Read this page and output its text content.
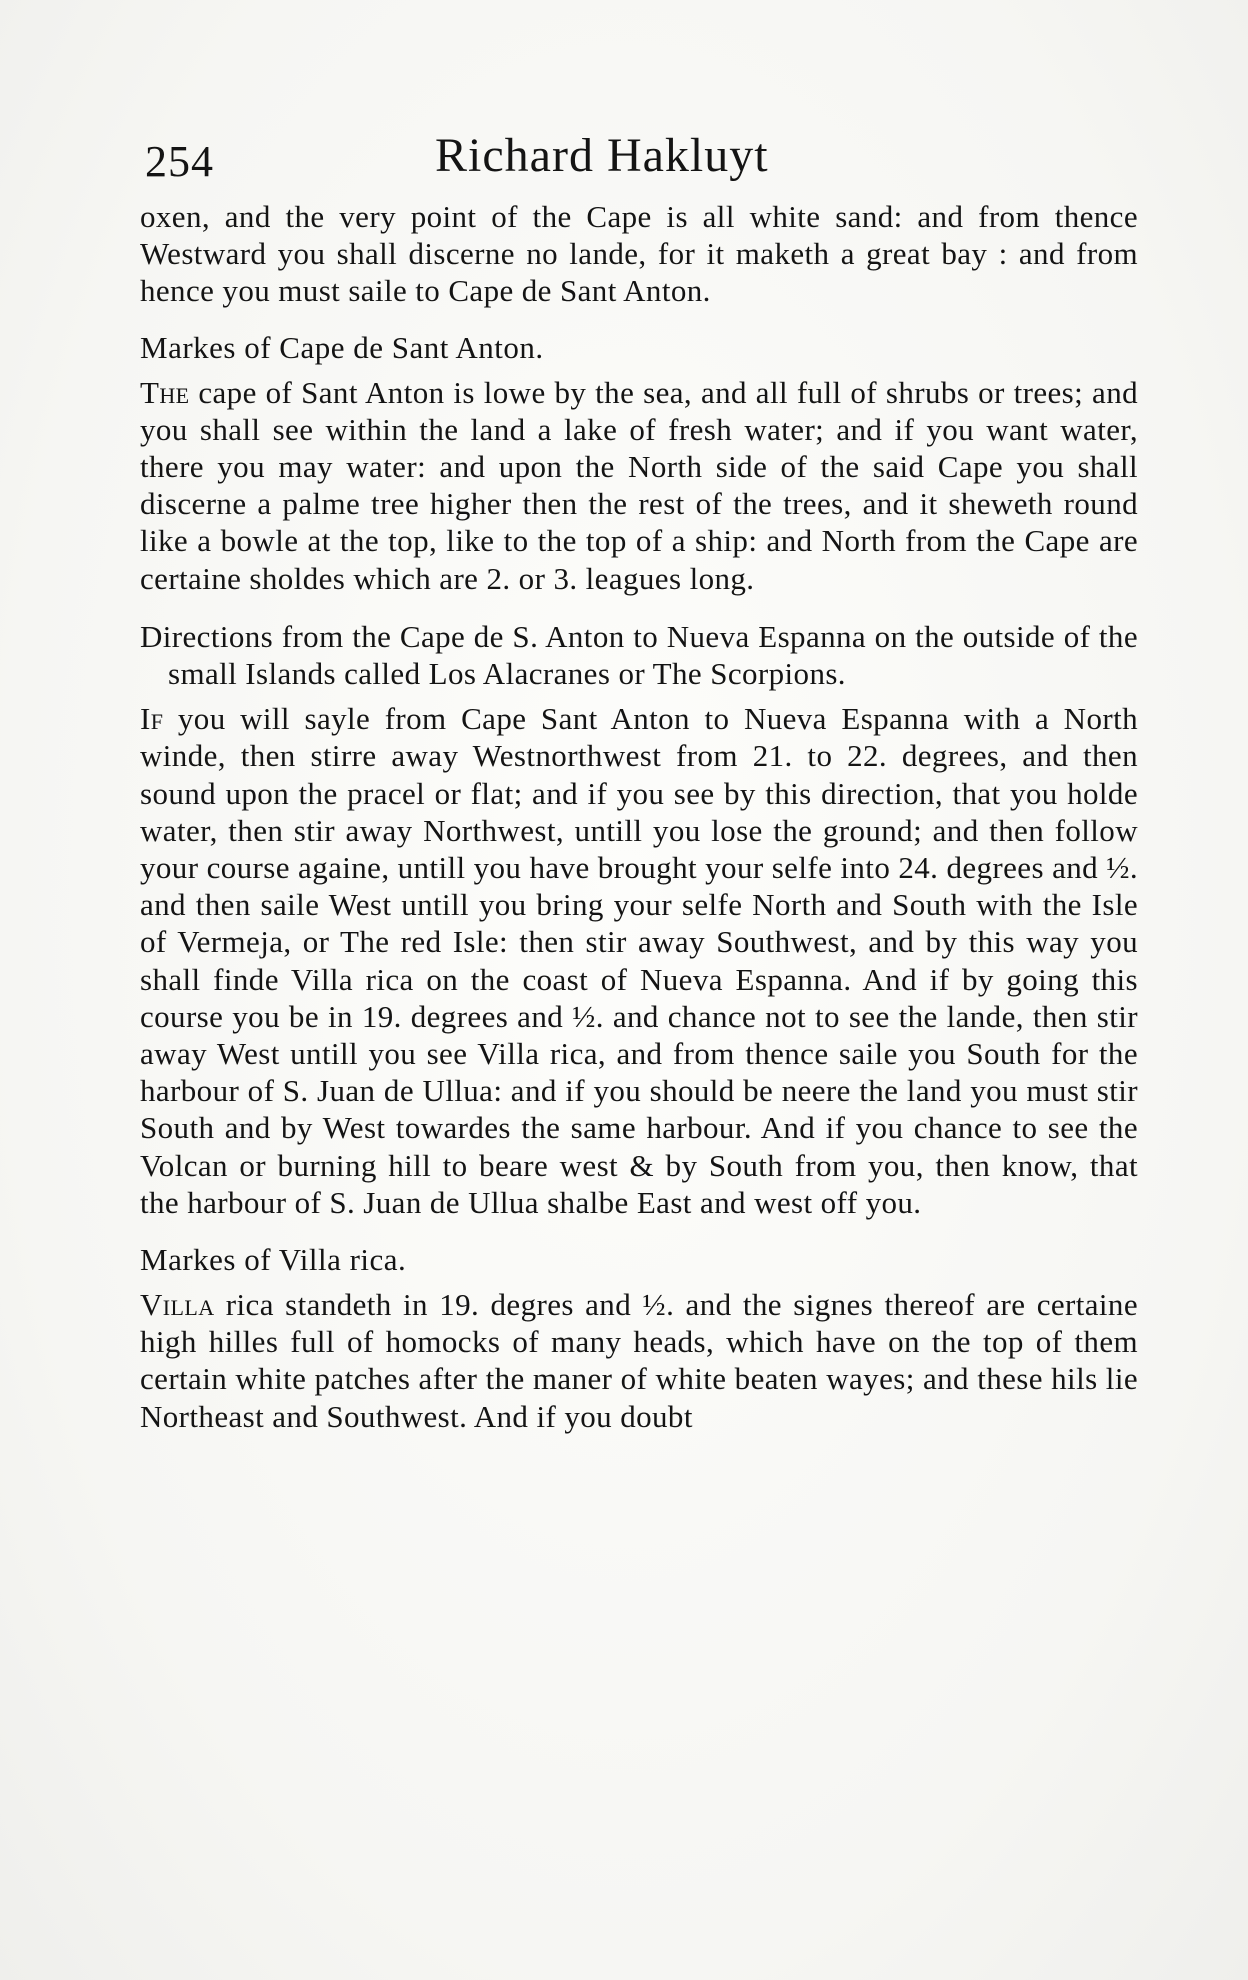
254	Richard Hakluyt

oxen, and the very point of the Cape is all white sand: and from thence Westward you shall discerne no lande, for it maketh a great bay : and from hence you must saile to Cape de Sant Anton.

Markes of Cape de Sant Anton.

The cape of Sant Anton is lowe by the sea, and all full of shrubs or trees; and you shall see within the land a lake of fresh water; and if you want water, there you may water: and upon the North side of the said Cape you shall discerne a palme tree higher then the rest of the trees, and it sheweth round like a bowle at the top, like to the top of a ship: and North from the Cape are certaine sholdes which are 2. or 3. leagues long.

Directions from the Cape de S. Anton to Nueva Espanna on the outside of the small Islands called Los Alacranes or The Scorpions.

If you will sayle from Cape Sant Anton to Nueva Espanna with a North winde, then stirre away Westnorthwest from 21. to 22. degrees, and then sound upon the pracel or flat; and if you see by this direction, that you holde water, then stir away Northwest, untill you lose the ground; and then follow your course againe, untill you have brought your selfe into 24. degrees and ½. and then saile West untill you bring your selfe North and South with the Isle of Vermeja, or The red Isle: then stir away Southwest, and by this way you shall finde Villa rica on the coast of Nueva Espanna. And if by going this course you be in 19. degrees and ½. and chance not to see the lande, then stir away West untill you see Villa rica, and from thence saile you South for the harbour of S. Juan de Ullua: and if you should be neere the land you must stir South and by West towardes the same harbour. And if you chance to see the Volcan or burning hill to beare west & by South from you, then know, that the harbour of S. Juan de Ullua shalbe East and west off you.

Markes of Villa rica.

Villa rica standeth in 19. degres and ½. and the signes thereof are certaine high hilles full of homocks of many heads, which have on the top of them certain white patches after the maner of white beaten wayes; and these hils lie Northeast and Southwest. And if you doubt
